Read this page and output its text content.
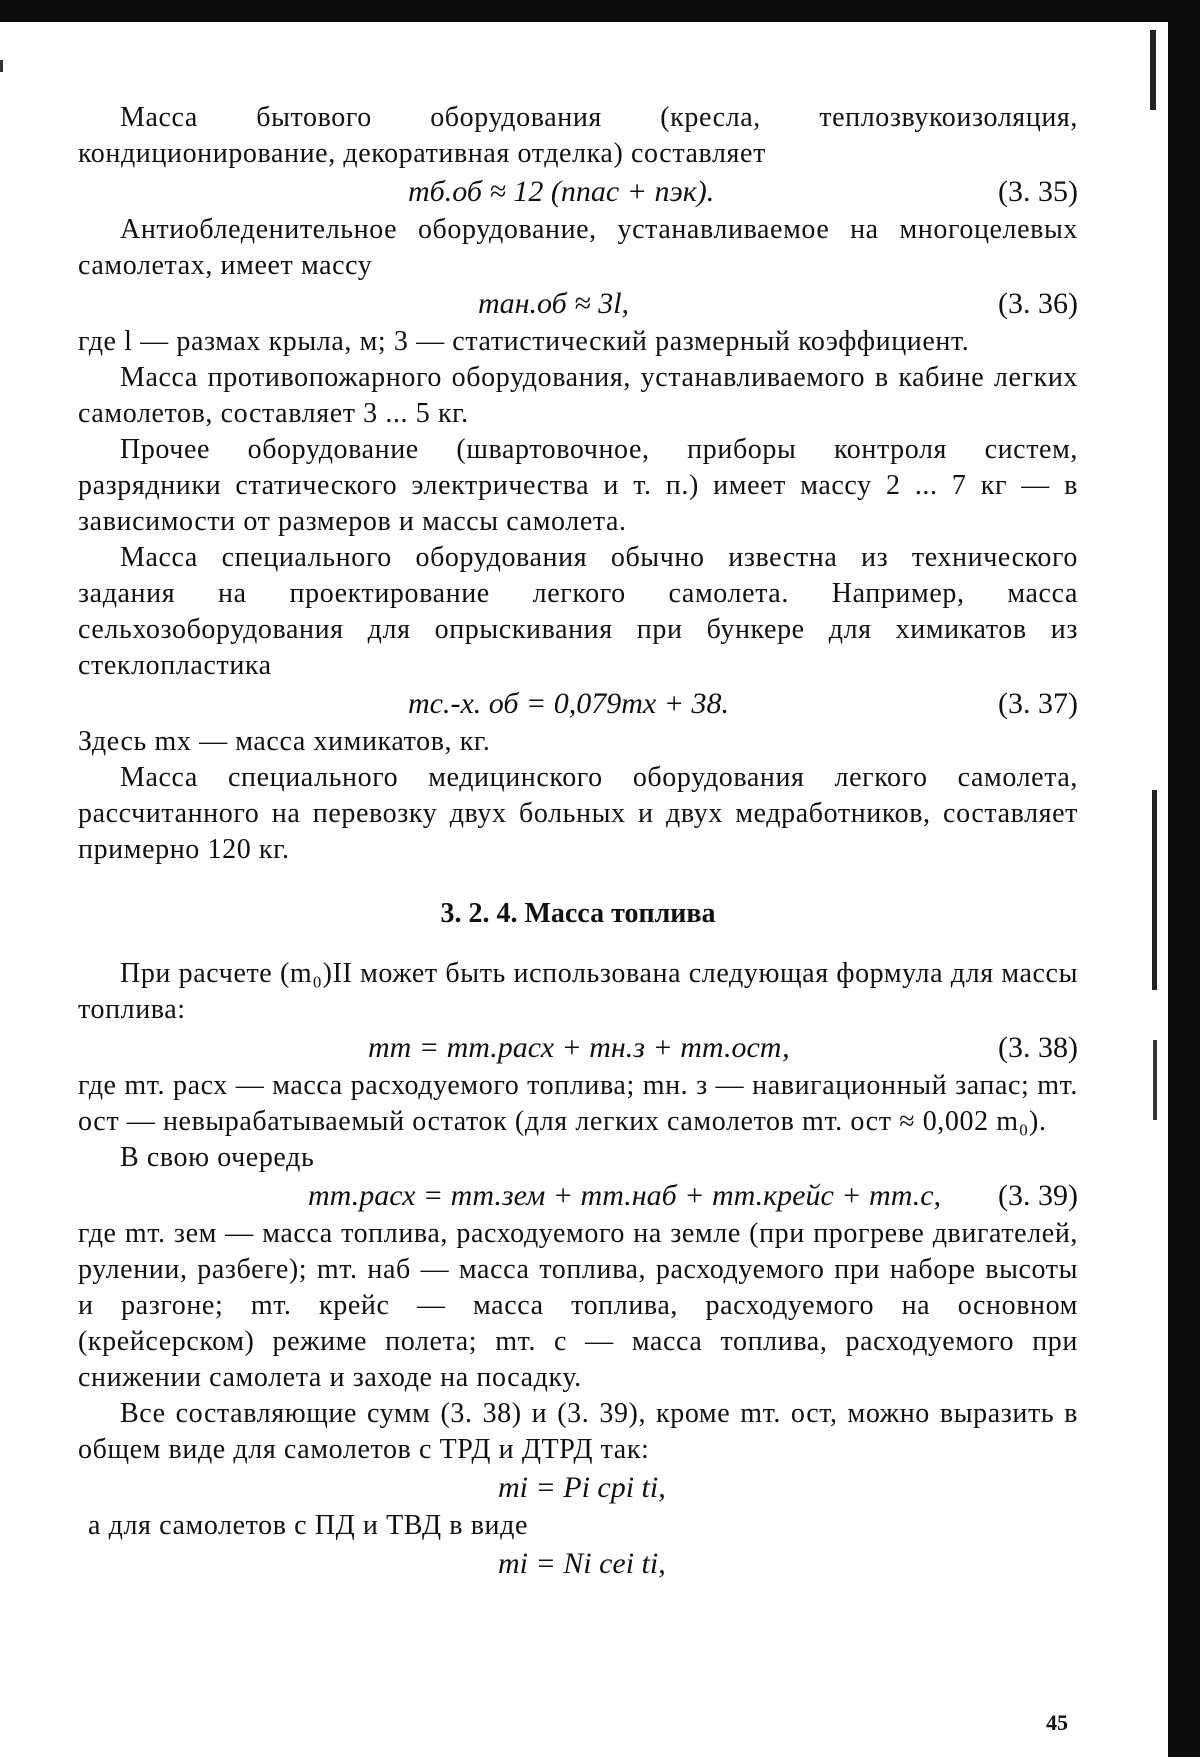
Масса бытового оборудования (кресла, теплозвукоизоляция, кондиционирование, декоративная отделка) составляет

mб.об ≈ 12 (nпас + nэк).	(3. 35)

Антиобледенительное оборудование, устанавливаемое на многоцелевых самолетах, имеет массу

mан.об ≈ 3l,	(3. 36)

где l — размах крыла, м; 3 — статистический размерный коэффициент.

Масса противопожарного оборудования, устанавливаемого в кабине легких самолетов, составляет 3 ... 5 кг.

Прочее оборудование (швартовочное, приборы контроля систем, разрядники статического электричества и т. п.) имеет массу 2 ... 7 кг — в зависимости от размеров и массы самолета.

Масса специального оборудования обычно известна из технического задания на проектирование легкого самолета. Например, масса сельхозоборудования для опрыскивания при бункере для химикатов из стеклопластика

mс.-х. об = 0,079mх + 38.	(3. 37)

Здесь mх — масса химикатов, кг.

Масса специального медицинского оборудования легкого самолета, рассчитанного на перевозку двух больных и двух медработников, составляет примерно 120 кг.

3. 2. 4. Масса топлива

При расчете (m₀)II может быть использована следующая формула для массы топлива:

mт = mт.расх + mн.з + mт.ост,	(3. 38)

где mт. расх — масса расходуемого топлива; mн. з — навигационный запас; mт. ост — невырабатываемый остаток (для легких самолетов mт. ост ≈ 0,002 m₀).

В свою очередь

mт.расх = mт.зем + mт.наб + mт.крейс + mт.с, (3. 39)

где mт. зем — масса топлива, расходуемого на земле (при прогреве двигателей, рулении, разбеге); mт. наб — масса топлива, расходуемого при наборе высоты и разгоне; mт. крейс — масса топлива, расходуемого на основном (крейсерском) режиме полета; mт. с — масса топлива, расходуемого при снижении самолета и заходе на посадку.

Все составляющие сумм (3. 38) и (3. 39), кроме mт. ост, можно выразить в общем виде для самолетов с ТРД и ДТРД так:

mi = Pi cpi ti,

а для самолетов с ПД и ТВД в виде

mi = Ni cei ti,
45
